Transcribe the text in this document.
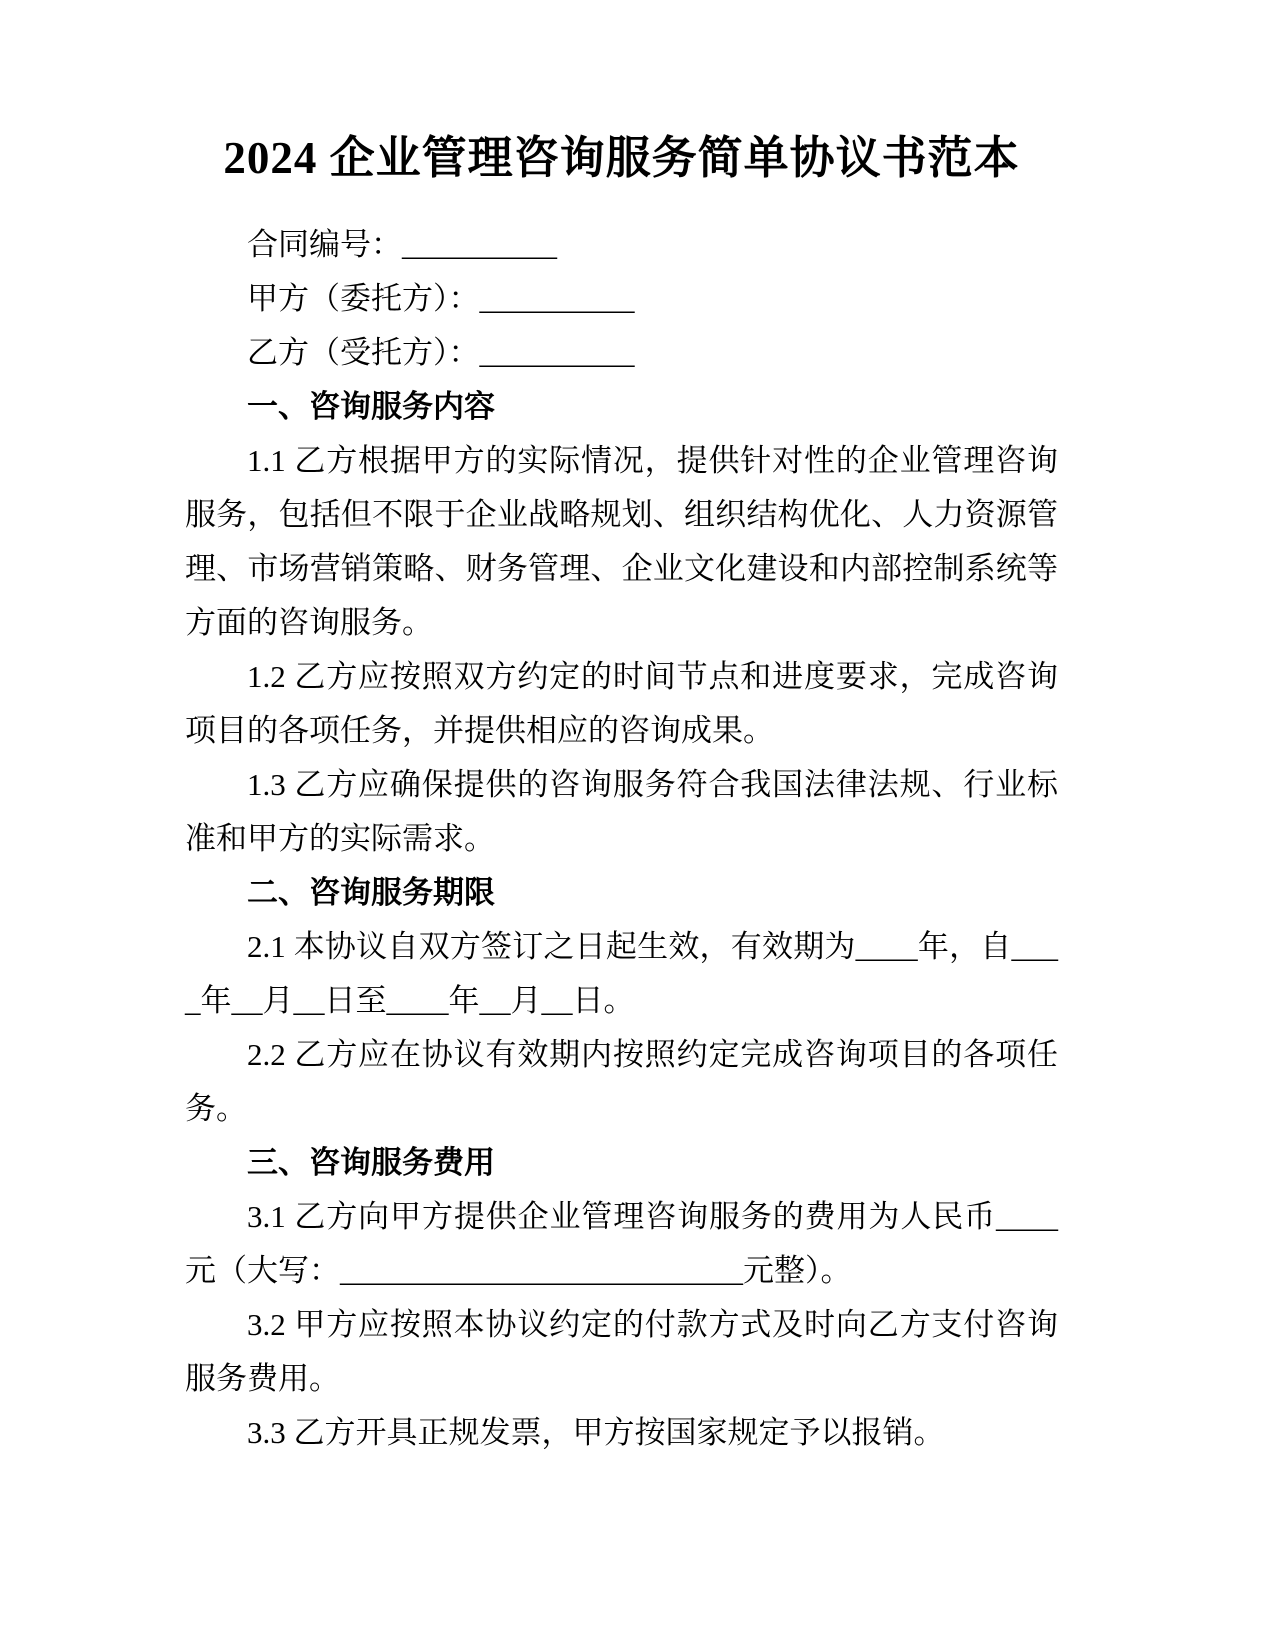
2024 企业管理咨询服务简单协议书范本

合同编号：__________

甲方（委托方）：__________

乙方（受托方）：__________

一、咨询服务内容

1.1 乙方根据甲方的实际情况，提供针对性的企业管理咨询服务，包括但不限于企业战略规划、组织结构优化、人力资源管理、市场营销策略、财务管理、企业文化建设和内部控制系统等方面的咨询服务。

1.2 乙方应按照双方约定的时间节点和进度要求，完成咨询项目的各项任务，并提供相应的咨询成果。

1.3 乙方应确保提供的咨询服务符合我国法律法规、行业标准和甲方的实际需求。

二、咨询服务期限

2.1 本协议自双方签订之日起生效，有效期为____年，自____年__月__日至____年__月__日。

2.2 乙方应在协议有效期内按照约定完成咨询项目的各项任务。

三、咨询服务费用

3.1 乙方向甲方提供企业管理咨询服务的费用为人民币____元（大写：__________________________元整）。

3.2 甲方应按照本协议约定的付款方式及时向乙方支付咨询服务费用。

3.3 乙方开具正规发票，甲方按国家规定予以报销。
